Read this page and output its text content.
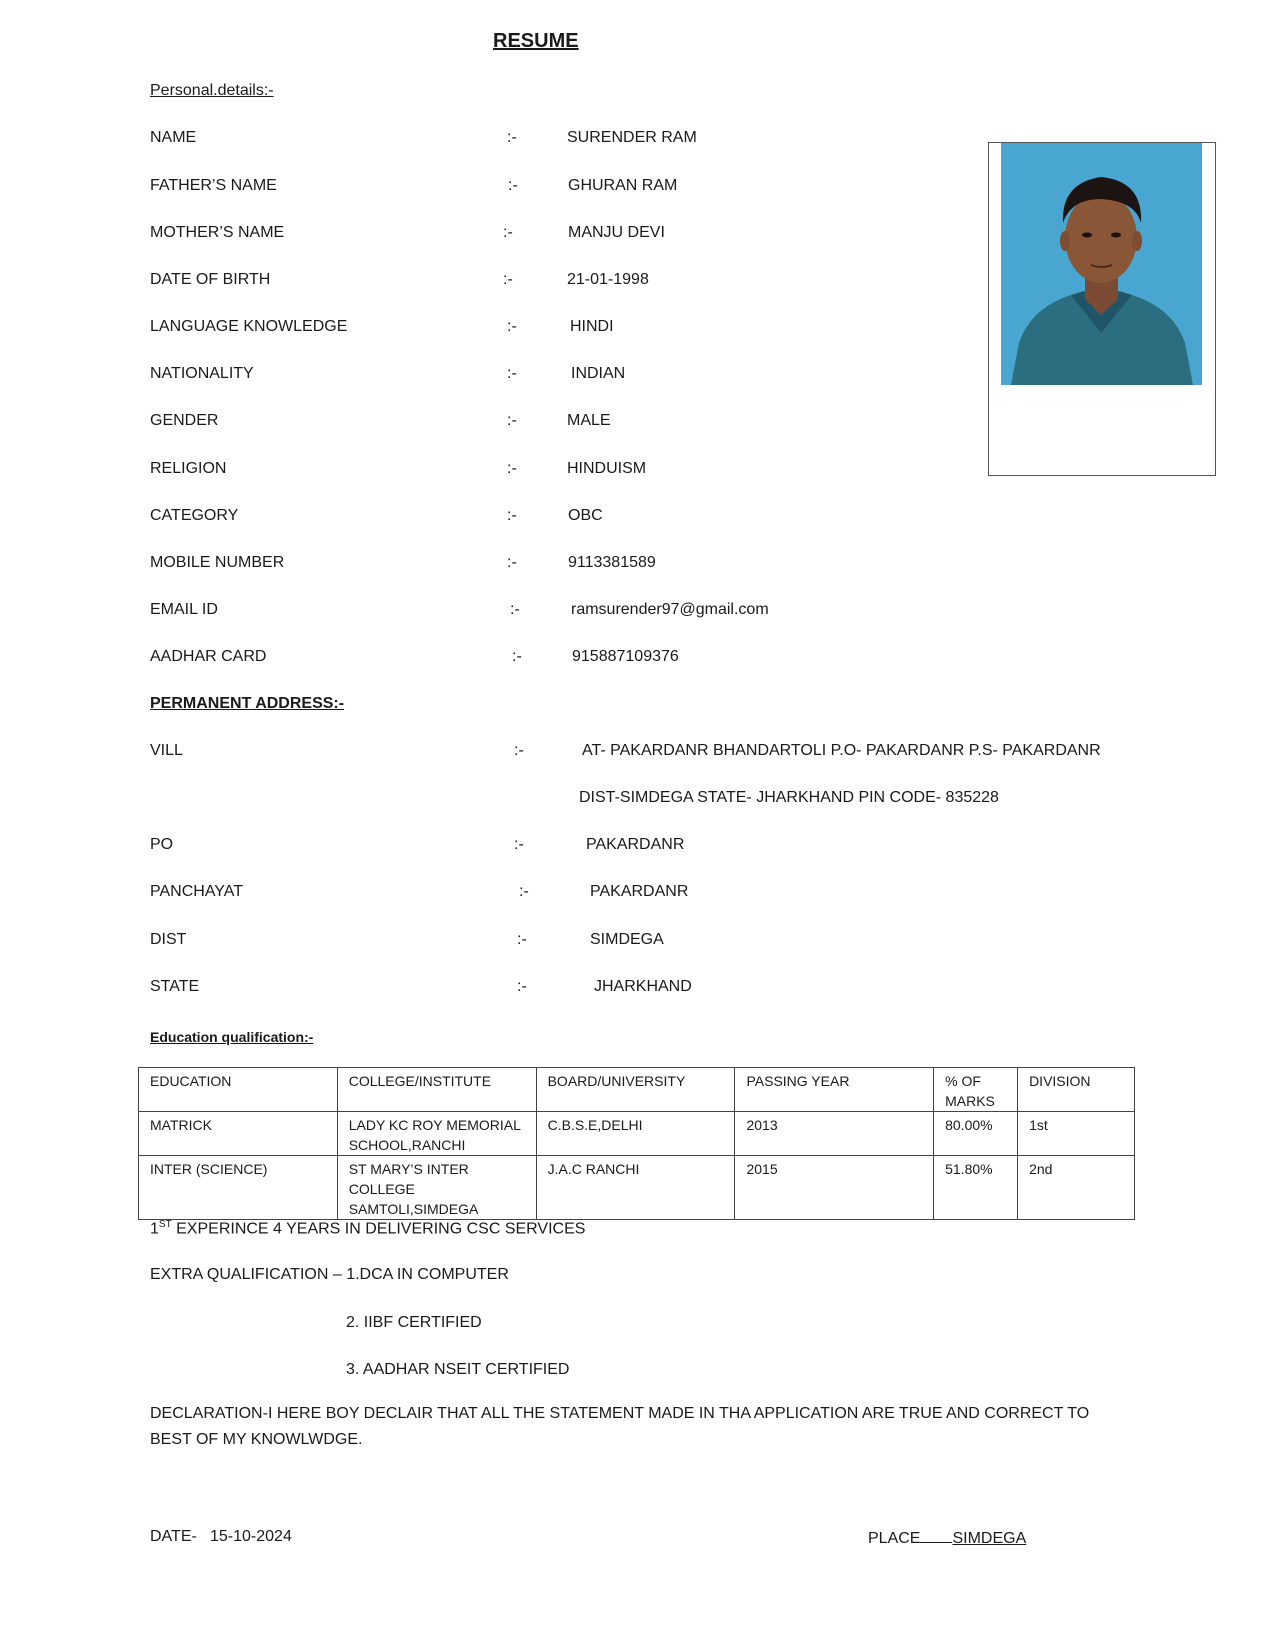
RESUME
Personal.details:-
NAME	:-	SURENDER RAM
FATHER’S NAME	:-	GHURAN RAM
MOTHER’S NAME	:-	MANJU DEVI
DATE OF BIRTH	:-	21-01-1998
LANGUAGE KNOWLEDGE	:-	HINDI
NATIONALITY	:-	INDIAN
GENDER	:-	MALE
RELIGION	:-	HINDUISM
CATEGORY	:-	OBC
MOBILE NUMBER	:-	9113381589
EMAIL ID	:-	ramsurender97@gmail.com
AADHAR CARD	:-	915887109376
PERMANENT ADDRESS:-
VILL	:-	AT- PAKARDANR BHANDARTOLI P.O- PAKARDANR P.S- PAKARDANR
DIST-SIMDEGA STATE- JHARKHAND PIN CODE- 835228
PO	:-	PAKARDANR
PANCHAYAT	:-	PAKARDANR
DIST	:-	SIMDEGA
STATE	:-	JHARKHAND
Education qualification:-
EDUCATION	COLLEGE/INSTITUTE	BOARD/UNIVERSITY	PASSING YEAR	% OF MARKS	DIVISION
MATRICK	LADY KC ROY MEMORIAL SCHOOL,RANCHI	C.B.S.E,DELHI	2013	80.00%	1st
INTER (SCIENCE)	ST MARY’S INTER COLLEGE SAMTOLI,SIMDEGA	J.A.C RANCHI	2015	51.80%	2nd
1ST EXPERINCE 4 YEARS IN DELIVERING CSC SERVICES
EXTRA QUALIFICATION – 1.DCA IN COMPUTER
2. IIBF CERTIFIED
3. AADHAR NSEIT CERTIFIED
DECLARATION-I HERE BOY DECLAIR THAT ALL THE STATEMENT MADE IN THA APPLICATION ARE TRUE AND CORRECT TO BEST OF MY KNOWLWDGE.
DATE- 15-10-2024	PLACE SIMDEGA
